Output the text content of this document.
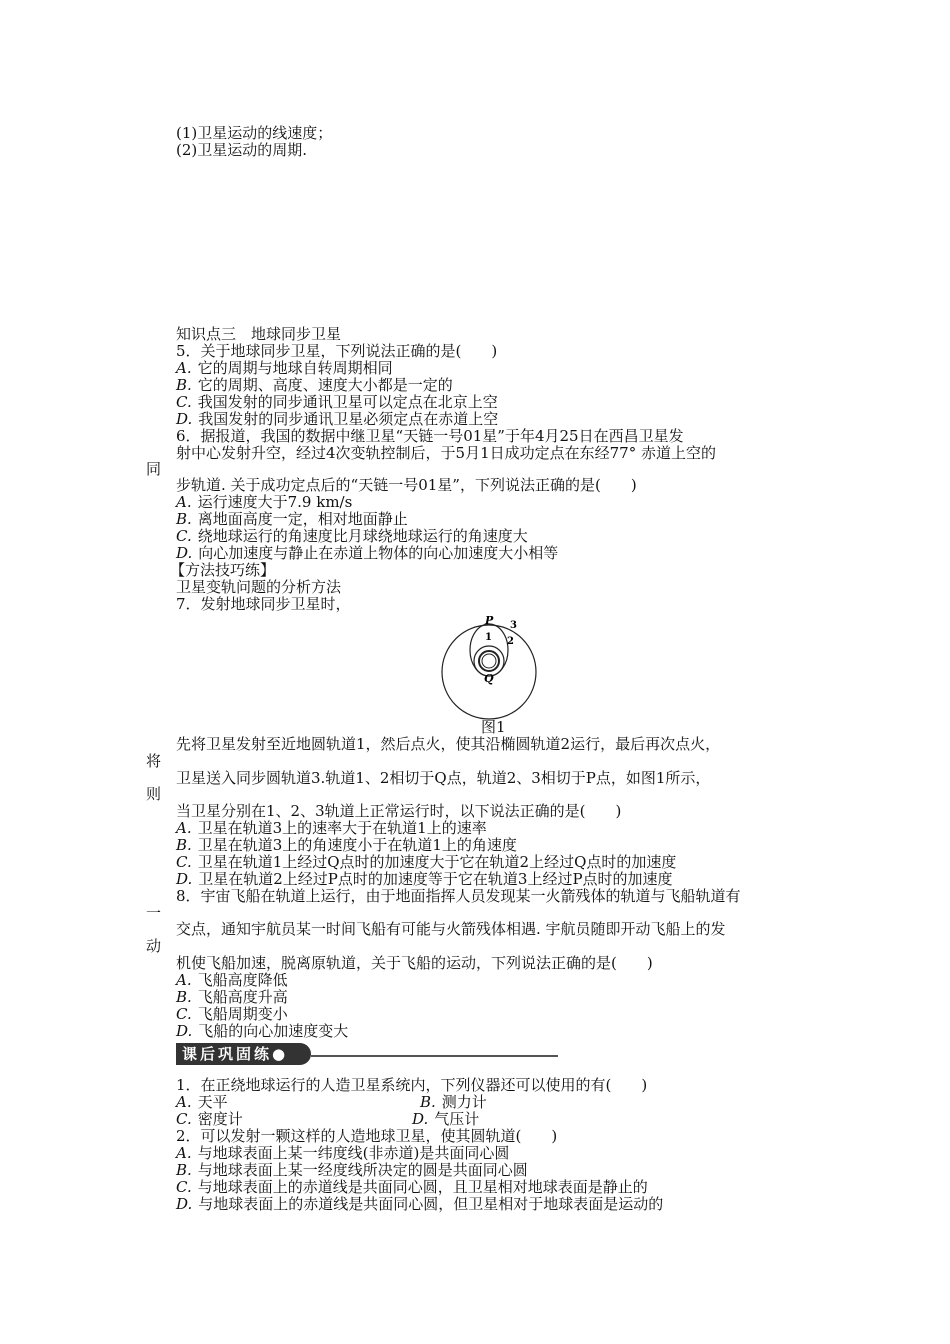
(1)卫星运动的线速度；
(2)卫星运动的周期.
知识点三　地球同步卫星
5．关于地球同步卫星，下列说法正确的是(　　)
A. 它的周期与地球自转周期相同
B. 它的周期、高度、速度大小都是一定的
C. 我国发射的同步通讯卫星可以定点在北京上空
D. 我国发射的同步通讯卫星必须定点在赤道上空
6．据报道，我国的数据中继卫星“天链一号01星”于年4月25日在西昌卫星发
射中心发射升空，经过4次变轨控制后，于5月1日成功定点在东经77° 赤道上空的
同
步轨道. 关于成功定点后的“天链一号01星”，下列说法正确的是(　　)
A. 运行速度大于7.9 km/s
B. 离地面高度一定，相对地面静止
C. 绕地球运行的角速度比月球绕地球运行的角速度大
D. 向心加速度与静止在赤道上物体的向心加速度大小相等
【方法技巧练】
卫星变轨问题的分析方法
7．发射地球同步卫星时，
P
Q
1 2
3
图1
先将卫星发射至近地圆轨道1，然后点火，使其沿椭圆轨道2运行，最后再次点火，
将
卫星送入同步圆轨道3.轨道1、2相切于Q点，轨道2、3相切于P点，如图1所示，
则
当卫星分别在1、2、3轨道上正常运行时，以下说法正确的是(　　)
A. 卫星在轨道3上的速率大于在轨道1上的速率
B. 卫星在轨道3上的角速度小于在轨道1上的角速度
C. 卫星在轨道1上经过Q点时的加速度大于它在轨道2上经过Q点时的加速度
D. 卫星在轨道2上经过P点时的加速度等于它在轨道3上经过P点时的加速度
8．宇宙飞船在轨道上运行，由于地面指挥人员发现某一火箭残体的轨道与飞船轨道有
一
交点，通知宇航员某一时间飞船有可能与火箭残体相遇. 宇航员随即开动飞船上的发
动
机使飞船加速，脱离原轨道，关于飞船的运动，下列说法正确的是(　　)
A. 飞船高度降低
B. 飞船高度升高
C. 飞船周期变小
D. 飞船的向心加速度变大
课后巩固练●
1．在正绕地球运行的人造卫星系统内，下列仪器还可以使用的有(　　)
A. 天平	B. 测力计
C. 密度计	D. 气压计
2．可以发射一颗这样的人造地球卫星，使其圆轨道(　　)
A. 与地球表面上某一纬度线(非赤道)是共面同心圆
B. 与地球表面上某一经度线所决定的圆是共面同心圆
C. 与地球表面上的赤道线是共面同心圆，且卫星相对地球表面是静止的
D. 与地球表面上的赤道线是共面同心圆，但卫星相对于地球表面是运动的
